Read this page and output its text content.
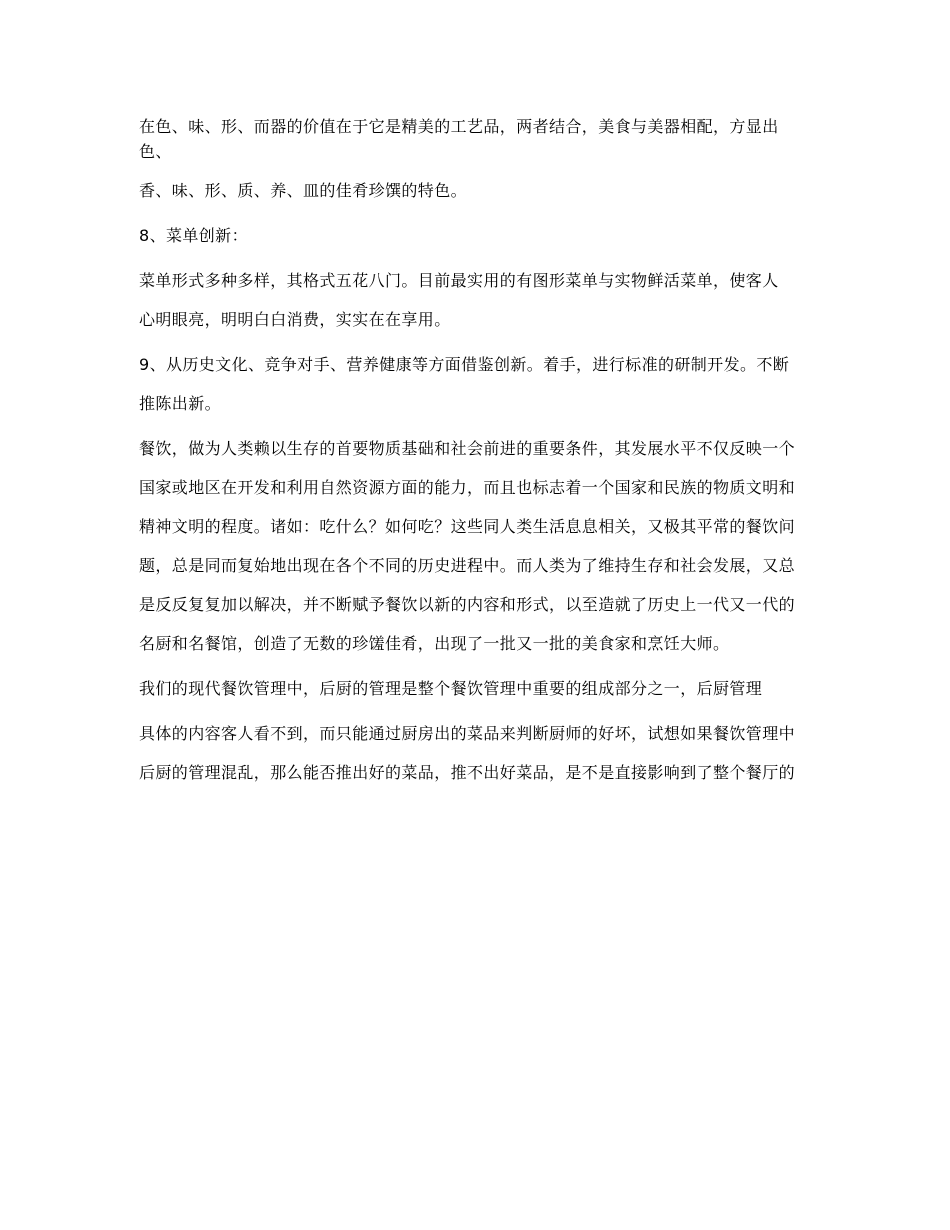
在色、味、形、而器的价值在于它是精美的工艺品，两者结合，美食与美器相配，方显出色、

香、味、形、质、养、皿的佳肴珍馔的特色。

8、菜单创新：

菜单形式多种多样，其格式五花八门。目前最实用的有图形菜单与实物鲜活菜单，使客人

心明眼亮，明明白白消费，实实在在享用。

9、从历史文化、竞争对手、营养健康等方面借鉴创新。着手，进行标准的研制开发。不断

推陈出新。

餐饮，做为人类赖以生存的首要物质基础和社会前进的重要条件，其发展水平不仅反映一个

国家或地区在开发和利用自然资源方面的能力，而且也标志着一个国家和民族的物质文明和

精神文明的程度。诸如：吃什么？如何吃？这些同人类生活息息相关，又极其平常的餐饮问

题，总是同而复始地出现在各个不同的历史进程中。而人类为了维持生存和社会发展，又总

是反反复复加以解决，并不断赋予餐饮以新的内容和形式，以至造就了历史上一代又一代的

名厨和名餐馆，创造了无数的珍馐佳肴，出现了一批又一批的美食家和烹饪大师。

我们的现代餐饮管理中，后厨的管理是整个餐饮管理中重要的组成部分之一，后厨管理

具体的内容客人看不到，而只能通过厨房出的菜品来判断厨师的好坏，试想如果餐饮管理中

后厨的管理混乱，那么能否推出好的菜品，推不出好菜品，是不是直接影响到了整个餐厅的
